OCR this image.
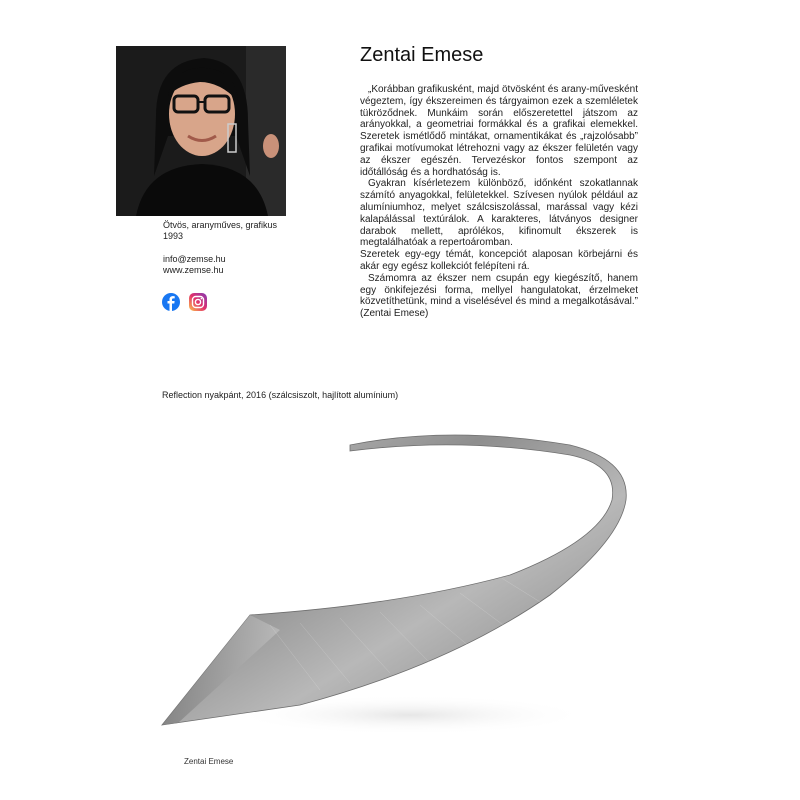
Ötvös, aranyműves, grafikus
1993
info@zemse.hu
www.zemse.hu
Zentai Emese

„Korábban grafikusként, majd ötvösként és arany-művesként végeztem, így ékszereimen és tárgyaimon ezek a szemléletek tükröződnek. Munkáim során előszeretettel játszom az arányokkal, a geometriai formákkal és a grafikai elemekkel. Szeretek ismétlődő mintákat, ornamentikákat és „rajzolósabb” grafikai motívumokat létrehozni vagy az ékszer felületén vagy az ékszer egészén. Tervezéskor fontos szempont az időtállóság és a hordhatóság is.

Gyakran kísérletezem különböző, időnként szokatlannak számító anyagokkal, felületekkel. Szívesen nyúlok például az alumíniumhoz, melyet szálcsiszolással, marással vagy kézi kalapálással textúrálok. A karakteres, látványos designer darabok mellett, aprólékos, kifinomult ékszerek is megtalálhatóak a repertoáromban.

Szeretek egy-egy témát, koncepciót alaposan körbejárni és akár egy egész kollekciót felépíteni rá.

Számomra az ékszer nem csupán egy kiegészítő, hanem egy önkifejezési forma, mellyel hangulatokat, érzelmeket közvetíthetünk, mind a viselésével és mind a megalkotásával.” (Zentai Emese)

Reflection nyakpánt, 2016 (szálcsiszolt, hajlított alumínium)
Zentai Emese
